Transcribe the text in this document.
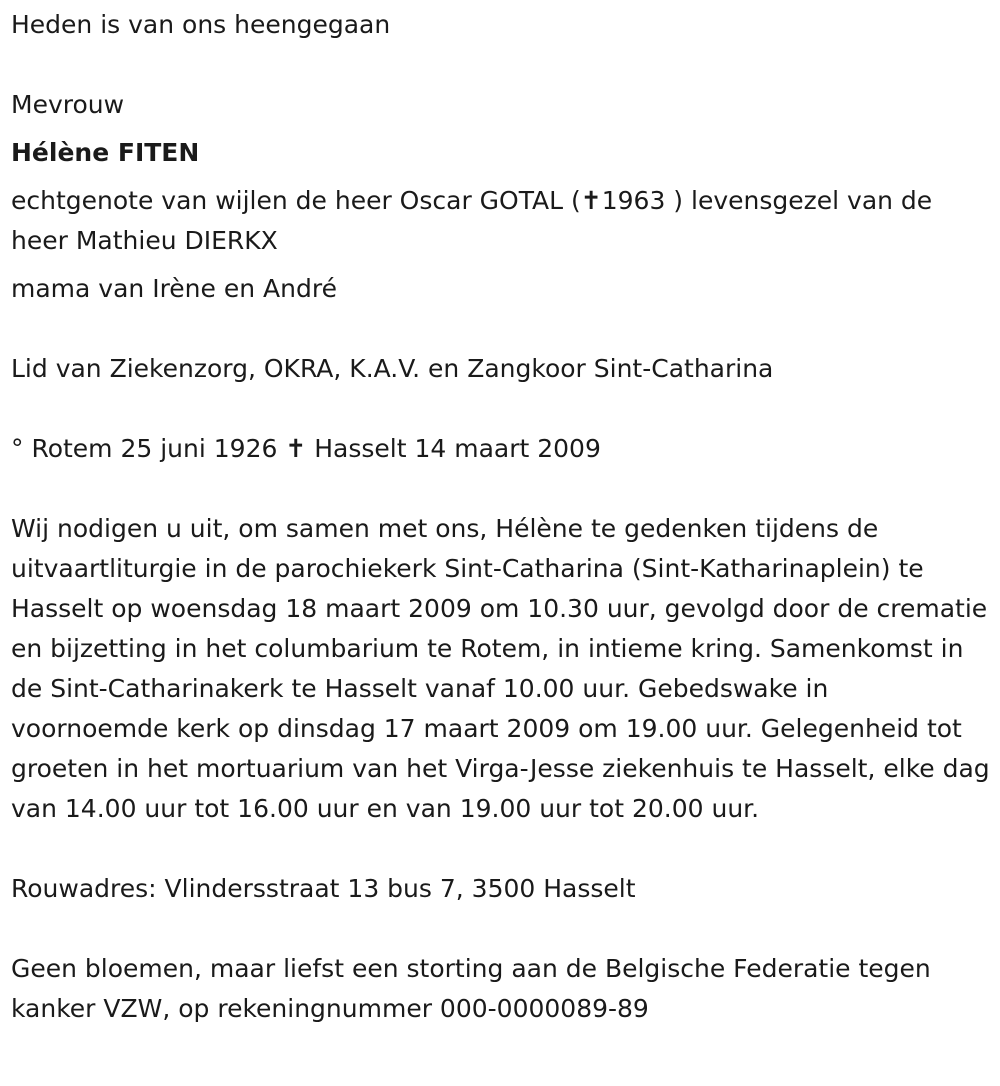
Heden is van ons heengegaan

Mevrouw

Hélène FITEN

echtgenote van wijlen de heer Oscar GOTAL (✝1963 ) levensgezel van de heer Mathieu DIERKX

mama van Irène en André

Lid van Ziekenzorg, OKRA, K.A.V. en Zangkoor Sint-Catharina

° Rotem 25 juni 1926 ✝ Hasselt 14 maart 2009

Wij nodigen u uit, om samen met ons, Hélène te gedenken tijdens de uitvaartliturgie in de parochiekerk Sint-Catharina (Sint-Katharinaplein) te Hasselt op woensdag 18 maart 2009 om 10.30 uur, gevolgd door de crematie en bijzetting in het columbarium te Rotem, in intieme kring. Samenkomst in de Sint-Catharinakerk te Hasselt vanaf 10.00 uur. Gebedswake in voornoemde kerk op dinsdag 17 maart 2009 om 19.00 uur. Gelegenheid tot groeten in het mortuarium van het Virga-Jesse ziekenhuis te Hasselt, elke dag van 14.00 uur tot 16.00 uur en van 19.00 uur tot 20.00 uur.

Rouwadres: Vlindersstraat 13 bus 7, 3500 Hasselt

Geen bloemen, maar liefst een storting aan de Belgische Federatie tegen kanker VZW, op rekeningnummer 000-0000089-89
